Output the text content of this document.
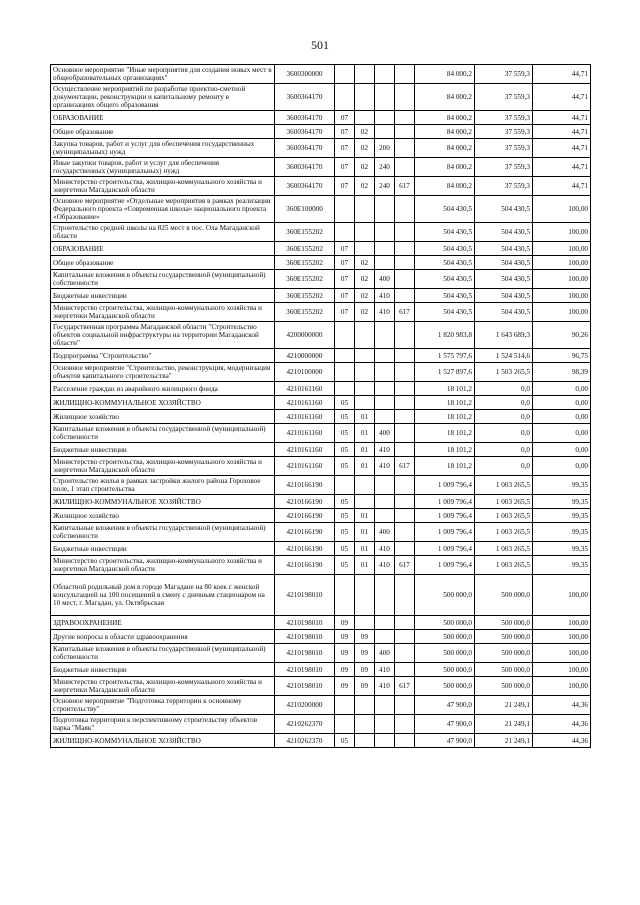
501
Основное мероприятие "Иные мероприятия для создания новых мест в общеобразовательных организациях"	3600300000					84 000,2	37 559,3	44,71
Осуществление мероприятий по разработке проектно-сметной документации, реконструкции и капитальному ремонту в организациях общего образования	3600364170					84 000,2	37 559,3	44,71
ОБРАЗОВАНИЕ	3600364170	07				84 000,2	37 559,3	44,71
Общее образование	3600364170	07	02			84 000,2	37 559,3	44,71
Закупка товаров, работ и услуг для обеспечения государственных (муниципальных) нужд	3600364170	07	02	200		84 000,2	37 559,3	44,71
Иные закупки товаров, работ и услуг для обеспечения государственных (муниципальных) нужд	3600364170	07	02	240		84 000,2	37 559,3	44,71
Министерство строительства, жилищно-коммунального хозяйства и энергетики Магаданской области	3600364170	07	02	240	617	84 000,2	37 559,3	44,71
Основное мероприятие «Отдельные мероприятия в рамках реализации Федерального проекта «Современная школа» национального проекта «Образование»	360E100000					504 430,5	504 430,5	100,00
Строительство средней школы на 825 мест в пос. Ола Магаданской области	360E155202					504 430,5	504 430,5	100,00
ОБРАЗОВАНИЕ	360E155202	07				504 430,5	504 430,5	100,00
Общее образование	360E155202	07	02			504 430,5	504 430,5	100,00
Капитальные вложения в объекты государственной (муниципальной) собственности	360E155202	07	02	400		504 430,5	504 430,5	100,00
Бюджетные инвестиции	360E155202	07	02	410		504 430,5	504 430,5	100,00
Министерство строительства, жилищно-коммунального хозяйства и энергетики Магаданской области	360E155202	07	02	410	617	504 430,5	504 430,5	100,00
Государственная программа Магаданской области "Строительство объектов социальной инфраструктуры на территории Магаданской области"	4200000000					1 820 983,8	1 643 689,3	90,26
Подпрограмма "Строительство"	4210000000					1 575 797,6	1 524 514,6	96,75
Основное мероприятие "Строительство, реконструкция, модернизация объектов капитального строительства"	4210100000					1 527 897,6	1 503 265,5	98,39
Расселение граждан из аварийного жилищного фонда	4210161160					18 101,2	0,0	0,00
ЖИЛИЩНО-КОММУНАЛЬНОЕ ХОЗЯЙСТВО	4210161160	05				18 101,2	0,0	0,00
Жилищное хозяйство	4210161160	05	01			18 101,2	0,0	0,00
Капитальные вложения в объекты государственной (муниципальной) собственности	4210161160	05	01	400		18 101,2	0,0	0,00
Бюджетные инвестиции	4210161160	05	01	410		18 101,2	0,0	0,00
Министерство строительства, жилищно-коммунального хозяйства и энергетики Магаданской области	4210161160	05	01	410	617	18 101,2	0,0	0,00
Строительство жилья в рамках застройки жилого района Гороховое поле, 1 этап строительства	4210166190					1 009 796,4	1 003 265,5	99,35
ЖИЛИЩНО-КОММУНАЛЬНОЕ ХОЗЯЙСТВО	4210166190	05				1 009 796,4	1 003 265,5	99,35
Жилищное хозяйство	4210166190	05	01			1 009 796,4	1 003 265,5	99,35
Капитальные вложения в объекты государственной (муниципальной) собственности	4210166190	05	01	400		1 009 796,4	1 003 265,5	99,35
Бюджетные инвестиции	4210166190	05	01	410		1 009 796,4	1 003 265,5	99,35
Министерство строительства, жилищно-коммунального хозяйства и энергетики Магаданской области	4210166190	05	01	410	617	1 009 796,4	1 003 265,5	99,35
Областной родильный дом в городе Магадане на 80 коек с женской консультацией на 100 посещений в смену с дневным стационаром на 10 мест, г. Магадан, ул. Октябрьская	4210198010					500 000,0	500 000,0	100,00
ЗДРАВООХРАНЕНИЕ	4210198010	09				500 000,0	500 000,0	100,00
Другие вопросы в области здравоохранения	4210198010	09	09			500 000,0	500 000,0	100,00
Капитальные вложения в объекты государственной (муниципальной) собственности	4210198010	09	09	400		500 000,0	500 000,0	100,00
Бюджетные инвестиции	4210198010	09	09	410		500 000,0	500 000,0	100,00
Министерство строительства, жилищно-коммунального хозяйства и энергетики Магаданской области	4210198010	09	09	410	617	500 000,0	500 000,0	100,00
Основное мероприятие "Подготовка территории к основному строительству"	4210200000					47 900,0	21 249,1	44,36
Подготовка территории к перспективному строительству объектов парка "Маяк"	4210262370					47 900,0	21 249,1	44,36
ЖИЛИЩНО-КОММУНАЛЬНОЕ ХОЗЯЙСТВО	4210262370	05				47 900,0	21 249,1	44,36
